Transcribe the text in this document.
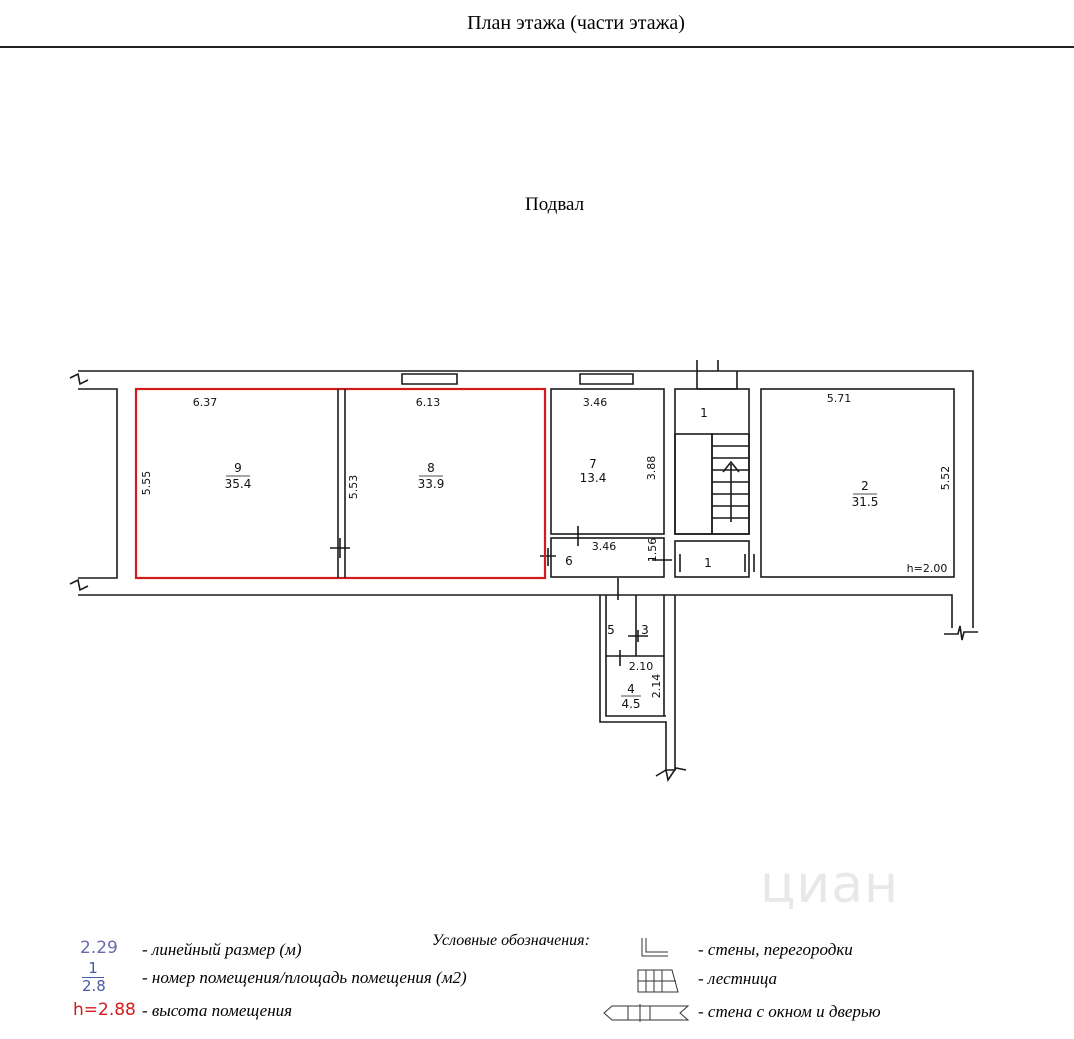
План этажа (части этажа)
Подвал
циан
9
35.4
8
33.9
7
13.4
2
31.5
4
4.5
1
1
6
5 3
h=2.00
6.37
5.55
6.13
5.53
3.46
3.88
3.46	1.56
5.71
5.52
2.10
2.14
2.29
1
2.8
h=2.88
- линейный размер (м)
- номер помещения/площадь помещения (м2)
- высота помещения
Условные обозначения:	- стены, перегородки
- лестница
- стена с окном и дверью
